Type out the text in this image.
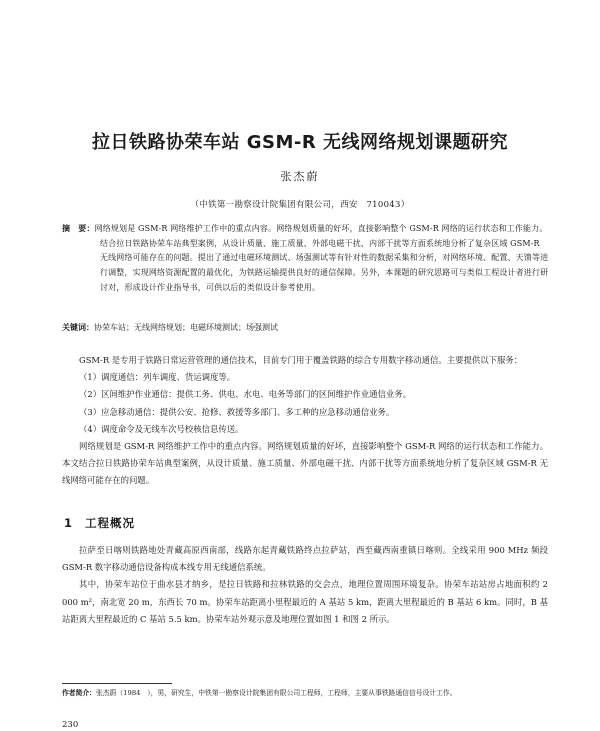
拉日铁路协荣车站 GSM-R 无线网络规划课题研究
张杰蔚
（中铁第一勘察设计院集团有限公司，西安　710043）
摘　要：网络规划是 GSM-R 网络维护工作中的重点内容。网络规划质量的好坏，直接影响整个 GSM-R 网络的运行状态和工作能力。结合拉日铁路协荣车站典型案例，从设计质量、施工质量、外部电磁干扰、内部干扰等方面系统地分析了复杂区域 GSM-R 无线网络可能存在的问题。提出了通过电磁环境测试、场强测试等有针对性的数据采集和分析，对网络环境、配置、天馈等进行调整，实现网络资源配置的最优化，为铁路运输提供良好的通信保障。另外，本课题的研究思路可与类似工程设计者进行研讨对，形成设计作业指导书，可供以后的类似设计参考使用。
关键词：协荣车站；无线网络规划；电磁环境测试；场强测试
GSM-R 是专用于铁路日常运营管理的通信技术，目前专门用于覆盖铁路的综合专用数字移动通信。主要提供以下服务：
（1）调度通信：列车调度、货运调度等。
（2）区间维护作业通信：提供工务、供电、水电、电务等部门的区间维护作业通信业务。
（3）应急移动通信：提供公安、抢修、救援等多部门、多工种的应急移动通信业务。
（4）调度命令及无线车次号校核信息传送。
网络规划是 GSM-R 网络维护工作中的重点内容。网络规划质量的好坏，直接影响整个 GSM-R 网络的运行状态和工作能力。本文结合拉日铁路协荣车站典型案例，从设计质量、施工质量、外部电磁干扰、内部干扰等方面系统地分析了复杂区域 GSM-R 无线网络可能存在的问题。
1 工程概况
拉萨至日喀则铁路地处青藏高原西南部，线路东起青藏铁路终点拉萨站，西至藏西南重镇日喀则。全线采用 900 MHz 频段 GSM-R 数字移动通信设备构成本线专用无线通信系统。
其中，协荣车站位于曲水县才纳乡，是拉日铁路和拉林铁路的交会点，地理位置周围环境复杂。协荣车站站房占地面积约 2 000 m²，南北宽 20 m，东西长 70 m。协荣车站距离小里程最近的 A 基站 5 km，距离大里程最近的 B 基站 6 km。同时，B 基站距离大里程最近的 C 基站 5.5 km。协荣车站外观示意及地理位置如图 1 和图 2 所示。
作者简介：张杰蔚（1984　），男，研究生，中铁第一勘察设计院集团有限公司工程师，工程师，主要从事铁路通信信号设计工作。
230
